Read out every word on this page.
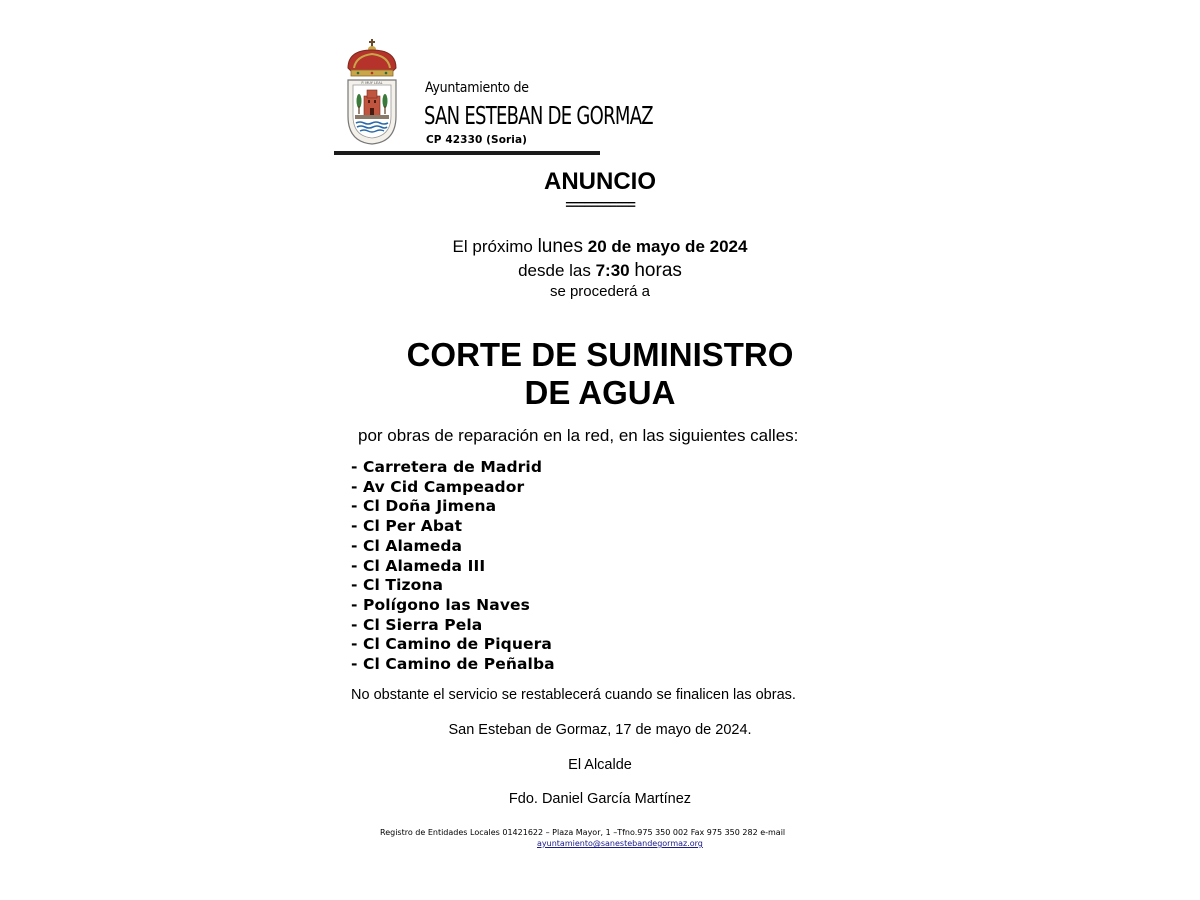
P. MUY LEAL	Ayuntamiento de
SAN ESTEBAN DE GORMAZ
CP 42330 (Soria)
ANUNCIO
===========
El próximo lunes 20 de mayo de 2024
desde las 7:30 horas
se procederá a
CORTE DE SUMINISTRO
DE AGUA
por obras de reparación en la red, en las siguientes calles:
- Carretera de Madrid
- Av Cid Campeador
- Cl Doña Jimena
- Cl Per Abat
- Cl Alameda
- Cl Alameda III
- Cl Tizona
- Polígono las Naves
- Cl Sierra Pela
- Cl Camino de Piquera
- Cl Camino de Peñalba
No obstante el servicio se restablecerá cuando se finalicen las obras.
San Esteban de Gormaz, 17 de mayo de 2024.
El Alcalde
Fdo. Daniel García Martínez
Registro de Entidades Locales 01421622 – Plaza Mayor, 1 –Tfno.975 350 002 Fax 975 350 282 e-mail
ayuntamiento@sanestebandegormaz.org
